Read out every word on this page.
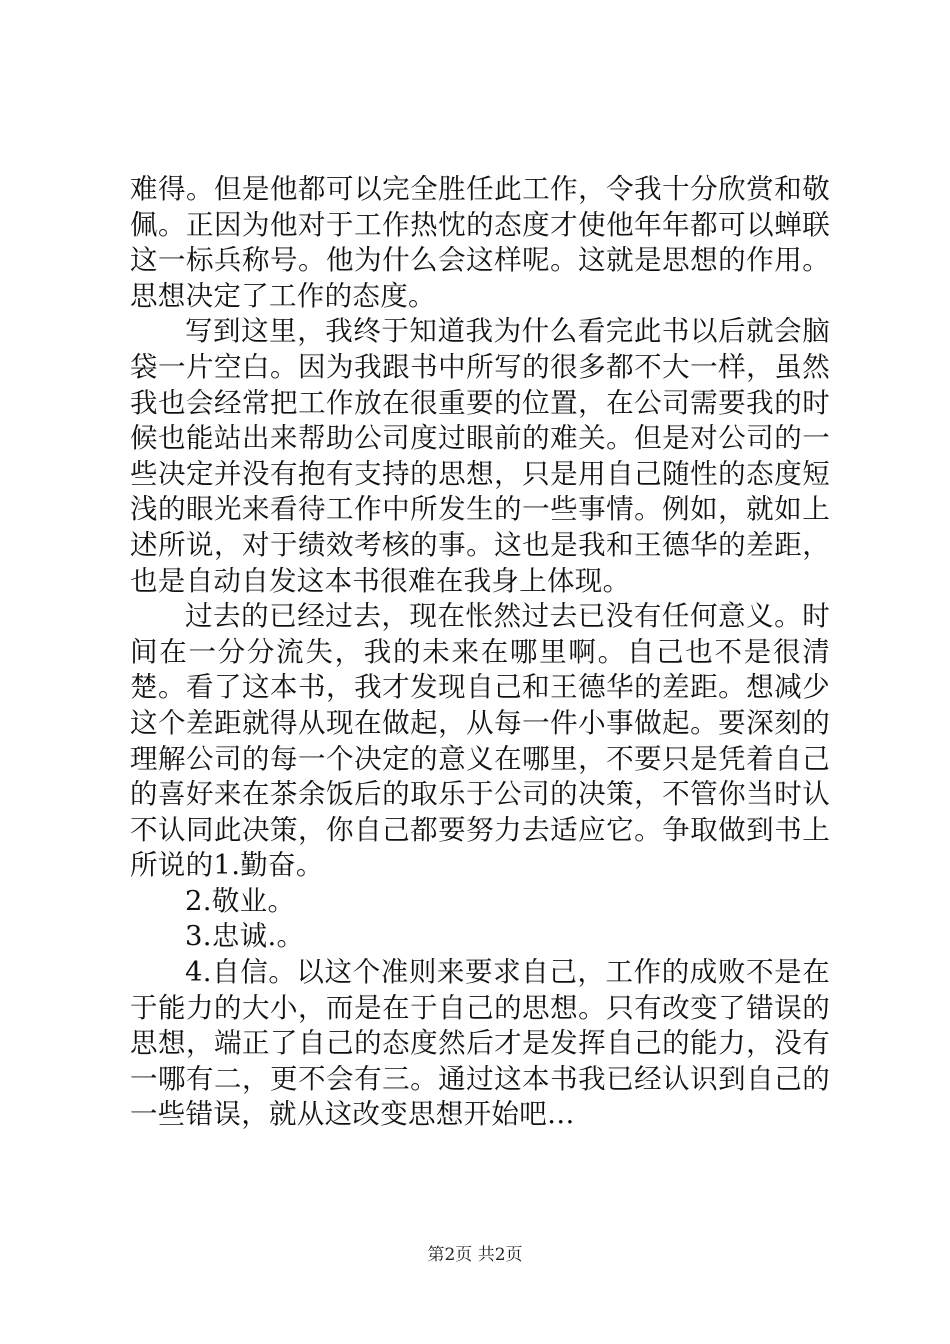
难得。但是他都可以完全胜任此工作，令我十分欣赏和敬佩。正因为他对于工作热忱的态度才使他年年都可以蝉联这一标兵称号。他为什么会这样呢。这就是思想的作用。思想决定了工作的态度。

写到这里，我终于知道我为什么看完此书以后就会脑袋一片空白。因为我跟书中所写的很多都不大一样，虽然我也会经常把工作放在很重要的位置，在公司需要我的时候也能站出来帮助公司度过眼前的难关。但是对公司的一些决定并没有抱有支持的思想，只是用自己随性的态度短浅的眼光来看待工作中所发生的一些事情。例如，就如上述所说，对于绩效考核的事。这也是我和王德华的差距，也是自动自发这本书很难在我身上体现。

过去的已经过去，现在怅然过去已没有任何意义。时间在一分分流失，我的未来在哪里啊。自己也不是很清楚。看了这本书，我才发现自己和王德华的差距。想减少这个差距就得从现在做起，从每一件小事做起。要深刻的理解公司的每一个决定的意义在哪里，不要只是凭着自己的喜好来在茶余饭后的取乐于公司的决策，不管你当时认不认同此决策，你自己都要努力去适应它。争取做到书上所说的1.勤奋。

2.敬业。

3.忠诚.。

4.自信。以这个准则来要求自己，工作的成败不是在于能力的大小，而是在于自己的思想。只有改变了错误的思想，端正了自己的态度然后才是发挥自己的能力，没有一哪有二，更不会有三。通过这本书我已经认识到自己的一些错误，就从这改变思想开始吧…

第2页 共2页
